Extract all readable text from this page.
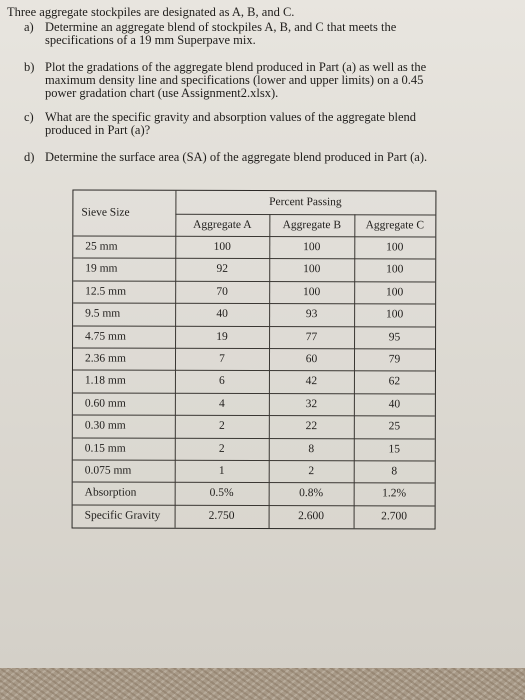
Three aggregate stockpiles are designated as A, B, and C.
a) Determine an aggregate blend of stockpiles A, B, and C that meets the
specifications of a 19 mm Superpave mix.
b) Plot the gradations of the aggregate blend produced in Part (a) as well as the
maximum density line and specifications (lower and upper limits) on a 0.45
power gradation chart (use Assignment2.xlsx).
c) What are the specific gravity and absorption values of the aggregate blend
produced in Part (a)?
d) Determine the surface area (SA) of the aggregate blend produced in Part (a).
Sieve Size
Percent Passing
Aggregate A	Aggregate B	Aggregate C
25 mm	100	100	100
19 mm	92	100	100
12.5 mm	70	100	100
9.5 mm	40	93	100
4.75 mm	19	77	95
2.36 mm	7	60	79
1.18 mm	6	42	62
0.60 mm	4	32	40
0.30 mm	2	22	25
0.15 mm	2	8	15
0.075 mm	1	2	8
Absorption	0.5%	0.8%	1.2%
Specific Gravity	2.750	2.600	2.700
